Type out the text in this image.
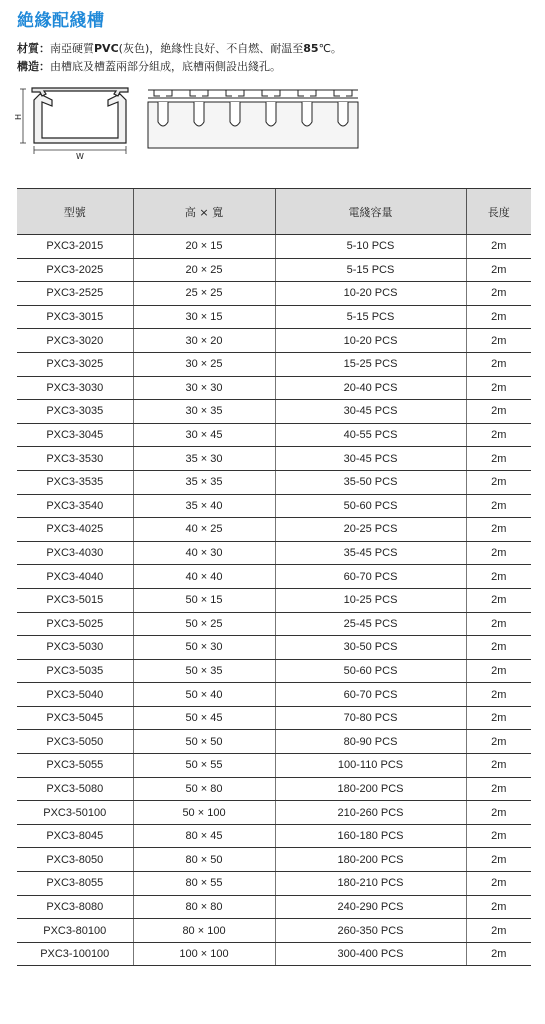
絶緣配綫槽
材質：南亞硬質PVC(灰色)，絶緣性良好、不自燃、耐温至85℃。
構造：由槽底及槽蓋兩部分組成，底槽兩側設出綫孔。
H
W
型號	高 × 寬	電綫容量	長度
PXC3-2015	20 × 15	5-10 PCS	2m
PXC3-2025	20 × 25	5-15 PCS	2m
PXC3-2525	25 × 25	10-20 PCS	2m
PXC3-3015	30 × 15	5-15 PCS	2m
PXC3-3020	30 × 20	10-20 PCS	2m
PXC3-3025	30 × 25	15-25 PCS	2m
PXC3-3030	30 × 30	20-40 PCS	2m
PXC3-3035	30 × 35	30-45 PCS	2m
PXC3-3045	30 × 45	40-55 PCS	2m
PXC3-3530	35 × 30	30-45 PCS	2m
PXC3-3535	35 × 35	35-50 PCS	2m
PXC3-3540	35 × 40	50-60 PCS	2m
PXC3-4025	40 × 25	20-25 PCS	2m
PXC3-4030	40 × 30	35-45 PCS	2m
PXC3-4040	40 × 40	60-70 PCS	2m
PXC3-5015	50 × 15	10-25 PCS	2m
PXC3-5025	50 × 25	25-45 PCS	2m
PXC3-5030	50 × 30	30-50 PCS	2m
PXC3-5035	50 × 35	50-60 PCS	2m
PXC3-5040	50 × 40	60-70 PCS	2m
PXC3-5045	50 × 45	70-80 PCS	2m
PXC3-5050	50 × 50	80-90 PCS	2m
PXC3-5055	50 × 55	100-110 PCS	2m
PXC3-5080	50 × 80	180-200 PCS	2m
PXC3-50100	50 × 100	210-260 PCS	2m
PXC3-8045	80 × 45	160-180 PCS	2m
PXC3-8050	80 × 50	180-200 PCS	2m
PXC3-8055	80 × 55	180-210 PCS	2m
PXC3-8080	80 × 80	240-290 PCS	2m
PXC3-80100	80 × 100	260-350 PCS	2m
PXC3-100100	100 × 100	300-400 PCS	2m
